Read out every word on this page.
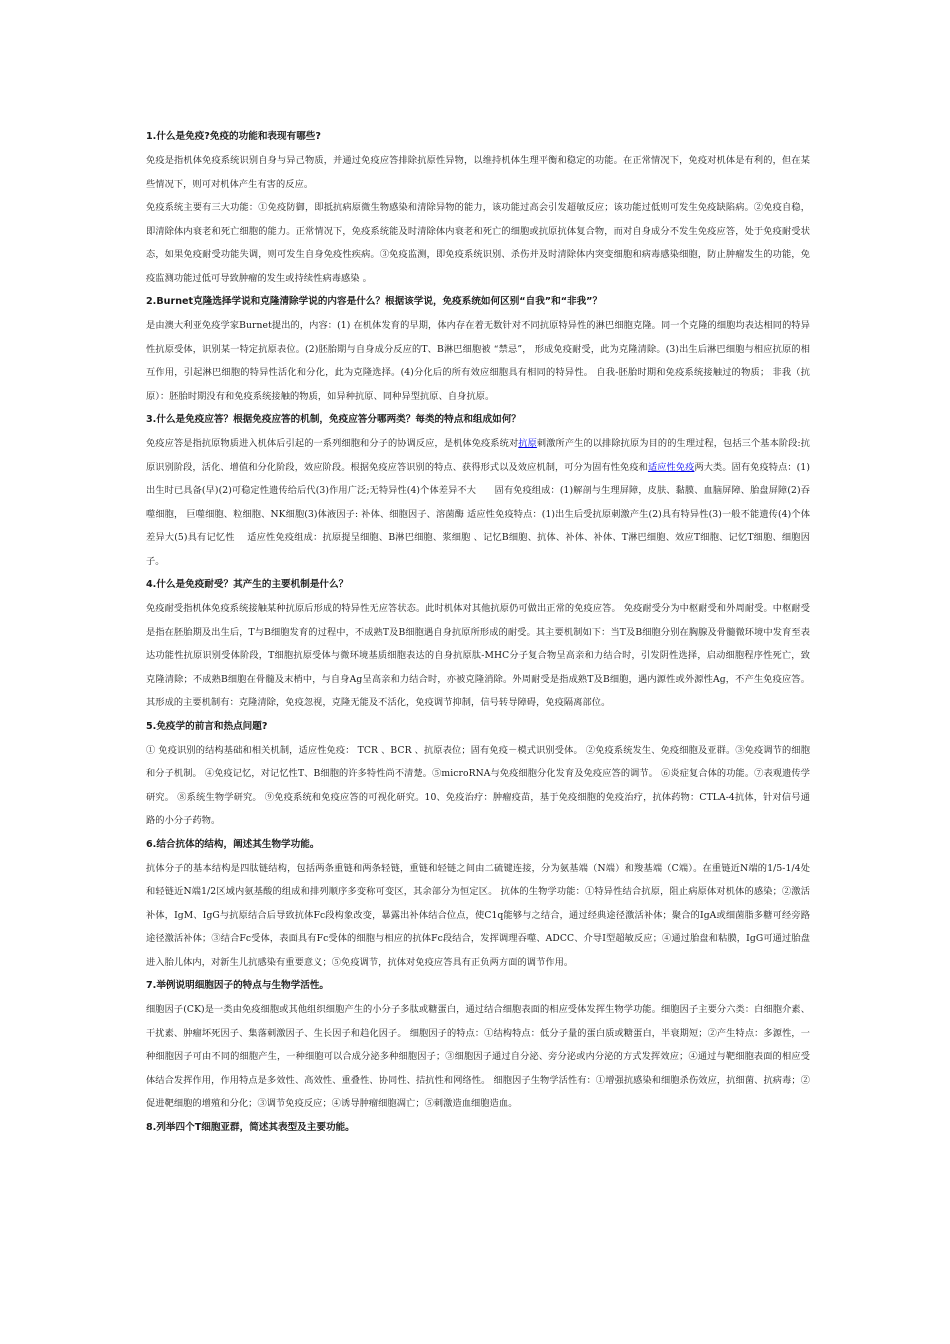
1.什么是免疫?免疫的功能和表现有哪些?

免疫是指机体免疫系统识别自身与异己物质，并通过免疫应答排除抗原性异物，以维持机体生理平衡和稳定的功能。在正常情况下，免疫对机体是有利的，但在某些情况下，则可对机体产生有害的反应。

免疫系统主要有三大功能：①免疫防御，即抵抗病原微生物感染和清除异物的能力，该功能过高会引发超敏反应；该功能过低则可发生免疫缺陷病。②免疫自稳，即清除体内衰老和死亡细胞的能力。正常情况下，免疫系统能及时清除体内衰老和死亡的细胞或抗原抗体复合物，而对自身成分不发生免疫应答，处于免疫耐受状态，如果免疫耐受功能失调，则可发生自身免疫性疾病。③免疫监测，即免疫系统识别、杀伤并及时清除体内突变细胞和病毒感染细胞，防止肿瘤发生的功能，免疫监测功能过低可导致肿瘤的发生或持续性病毒感染 。

2.Burnet克隆选择学说和克隆清除学说的内容是什么？根据该学说，免疫系统如何区别“自我”和“非我”？

是由澳大利亚免疫学家Burnet提出的，内容：(1) 在机体发育的早期，体内存在着无数针对不同抗原特异性的淋巴细胞克隆。同一个克隆的细胞均表达相同的特异性抗原受体，识别某一特定抗原表位。(2)胚胎期与自身成分反应的T、B淋巴细胞被 “禁忌”， 形成免疫耐受，此为克隆清除。(3)出生后淋巴细胞与相应抗原的相互作用，引起淋巴细胞的特异性活化和分化，此为克隆选择。(4)分化后的所有效应细胞具有相同的特异性。 自我-胚胎时期和免疫系统接触过的物质； 非我（抗原）：胚胎时期没有和免疫系统接触的物质，如异种抗原、同种异型抗原、自身抗原。

3.什么是免疫应答？根据免疫应答的机制，免疫应答分哪两类？每类的特点和组成如何？

免疫应答是指抗原物质进入机体后引起的一系列细胞和分子的协调反应，是机体免疫系统对抗原刺激所产生的以排除抗原为目的的生理过程，包括三个基本阶段:抗原识别阶段，活化、增值和分化阶段，效应阶段。根据免疫应答识别的特点、获得形式以及效应机制，可分为固有性免疫和适应性免疫两大类。固有免疫特点：(1)出生时已具备(早)(2)可稳定性遗传给后代(3)作用广泛;无特异性(4)个体差异不大　　固有免疫组成：(1)解剖与生理屏障，皮肤、黏膜、血脑屏障、胎盘屏障(2)吞噬细胞， 巨噬细胞、粒细胞、NK细胞(3)体液因子: 补体、细胞因子、溶菌酶 适应性免疫特点：(1)出生后受抗原刺激产生(2)具有特异性(3)一般不能遗传(4)个体差异大(5)具有记忆性　 适应性免疫组成：抗原提呈细胞、B淋巴细胞、浆细胞 、记忆B细胞、抗体、补体、补体、T淋巴细胞、效应T细胞、记忆T细胞、细胞因子。

4.什么是免疫耐受？其产生的主要机制是什么？

免疫耐受指机体免疫系统接触某种抗原后形成的特异性无应答状态。此时机体对其他抗原仍可做出正常的免疫应答。 免疫耐受分为中枢耐受和外周耐受。中枢耐受是指在胚胎期及出生后，T与B细胞发育的过程中，不成熟T及B细胞遇自身抗原所形成的耐受。其主要机制如下：当T及B细胞分别在胸腺及骨髓微环境中发育至表达功能性抗原识别受体阶段，T细胞抗原受体与微环境基质细胞表达的自身抗原肽-MHC分子复合物呈高亲和力结合时，引发阴性选择，启动细胞程序性死亡，致克隆清除；不成熟B细胞在骨髓及末梢中，与自身Ag呈高亲和力结合时，亦被克隆消除。外周耐受是指成熟T及B细胞，遇内源性或外源性Ag，不产生免疫应答。其形成的主要机制有：克隆清除，免疫忽视，克隆无能及不活化，免疫调节抑制，信号转导障碍，免疫隔离部位。

5.免疫学的前言和热点问题?

① 免疫识别的结构基础和相关机制，适应性免疫： TCR 、BCR 、抗原表位；固有免疫－模式识别受体。 ②免疫系统发生、免疫细胞及亚群。③免疫调节的细胞和分子机制。 ④免疫记忆，对记忆性T、B细胞的许多特性尚不清楚。⑤microRNA与免疫细胞分化发育及免疫应答的调节。 ⑥炎症复合体的功能。⑦表观遗传学研究。 ⑧系统生物学研究。 ⑨免疫系统和免疫应答的可视化研究。10、免疫治疗：肿瘤疫苗，基于免疫细胞的免疫治疗，抗体药物：CTLA-4抗体，针对信号通路的小分子药物。

6.结合抗体的结构，阐述其生物学功能。

抗体分子的基本结构是四肽链结构，包括两条重链和两条轻链，重链和轻链之间由二硫键连接，分为氨基端（N端）和羧基端（C端）。在重链近N端的1/5-1/4处和轻链近N端1/2区域内氨基酸的组成和排列顺序多变称可变区，其余部分为恒定区。 抗体的生物学功能：①特异性结合抗原，阻止病原体对机体的感染；②激活补体，IgM、IgG与抗原结合后导致抗体Fc段构象改变，暴露出补体结合位点，使C1q能够与之结合，通过经典途径激活补体；聚合的IgA或细菌脂多糖可经旁路途径激活补体；③结合Fc受体，表面具有Fc受体的细胞与相应的抗体Fc段结合，发挥调理吞噬、ADCC、介导Ⅰ型超敏反应；④通过胎盘和粘膜，IgG可通过胎盘进入胎儿体内，对新生儿抗感染有重要意义；⑤免疫调节，抗体对免疫应答具有正负两方面的调节作用。

7.举例说明细胞因子的特点与生物学活性。

细胞因子(CK)是一类由免疫细胞或其他组织细胞产生的小分子多肽或糖蛋白，通过结合细胞表面的相应受体发挥生物学功能。细胞因子主要分六类：白细胞介素、干扰素、肿瘤坏死因子、集落刺激因子、生长因子和趋化因子。 细胞因子的特点：①结构特点：低分子量的蛋白质或糖蛋白，半衰期短；②产生特点：多源性，一种细胞因子可由不同的细胞产生，一种细胞可以合成分泌多种细胞因子；③细胞因子通过自分泌、旁分泌或内分泌的方式发挥效应；④通过与靶细胞表面的相应受体结合发挥作用，作用特点是多效性、高效性、重叠性、协同性、拮抗性和网络性。 细胞因子生物学活性有：①增强抗感染和细胞杀伤效应，抗细菌、抗病毒；②促进靶细胞的增殖和分化；③调节免疫反应；④诱导肿瘤细胞凋亡；⑤刺激造血细胞造血。

8.列举四个T细胞亚群，简述其表型及主要功能。
